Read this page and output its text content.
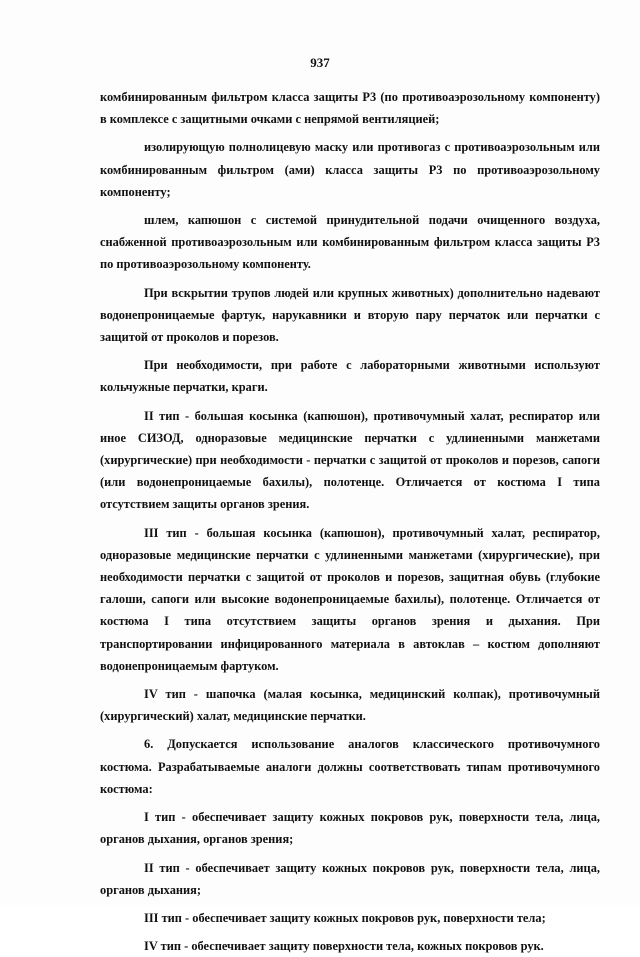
937

комбинированным фильтром класса защиты Р3 (по противоаэрозольному компоненту) в комплексе с защитными очками с непрямой вентиляцией;

изолирующую полнолицевую маску или противогаз с противоаэрозольным или комбинированным фильтром (ами) класса защиты Р3 по противоаэрозольному компоненту;

шлем, капюшон с системой принудительной подачи очищенного воздуха, снабженной противоаэрозольным или комбинированным фильтром класса защиты Р3 по противоаэрозольному компоненту.

При вскрытии трупов людей или крупных животных) дополнительно надевают водонепроницаемые фартук, нарукавники и вторую пару перчаток или перчатки с защитой от проколов и порезов.

При необходимости, при работе с лабораторными животными используют кольчужные перчатки, краги.

II тип - большая косынка (капюшон), противочумный халат, респиратор или иное СИЗОД, одноразовые медицинские перчатки с удлиненными манжетами (хирургические) при необходимости - перчатки с защитой от проколов и порезов, сапоги (или водонепроницаемые бахилы), полотенце. Отличается от костюма I типа отсутствием защиты органов зрения.

III тип - большая косынка (капюшон), противочумный халат, респиратор, одноразовые медицинские перчатки с удлиненными манжетами (хирургические), при необходимости перчатки с защитой от проколов и порезов, защитная обувь (глубокие галоши, сапоги или высокие водонепроницаемые бахилы), полотенце. Отличается от костюма I типа отсутствием защиты органов зрения и дыхания. При транспортировании инфицированного материала в автоклав – костюм дополняют водонепроницаемым фартуком.

IV тип - шапочка (малая косынка, медицинский колпак), противочумный (хирургический) халат, медицинские перчатки.

6. Допускается использование аналогов классического противочумного костюма. Разрабатываемые аналоги должны соответствовать типам противочумного костюма:

I тип - обеспечивает защиту кожных покровов рук, поверхности тела, лица, органов дыхания, органов зрения;

II тип - обеспечивает защиту кожных покровов рук, поверхности тела, лица, органов дыхания;

III тип - обеспечивает защиту кожных покровов рук, поверхности тела;

IV тип - обеспечивает защиту поверхности тела, кожных покровов рук.
